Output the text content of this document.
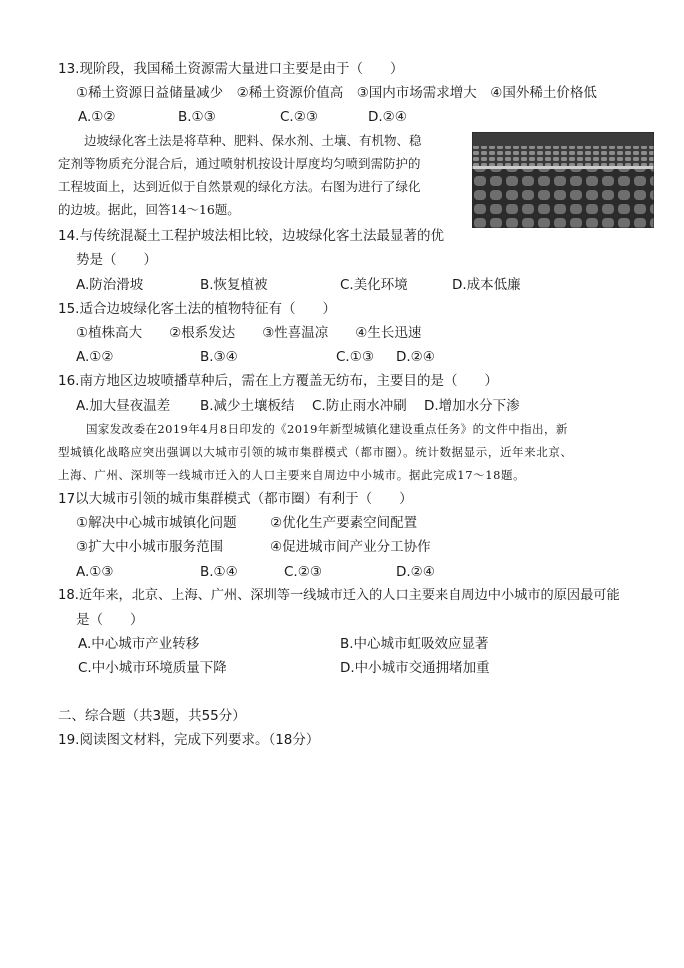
13.现阶段，我国稀土资源需大量进口主要是由于（　　）
①稀土资源日益储量减少　②稀土资源价值高　③国内市场需求增大　④国外稀土价格低
A.①②	B.①③	C.②③	D.②④
边坡绿化客土法是将草种、肥料、保水剂、土壤、有机物、稳
定剂等物质充分混合后，通过喷射机按设计厚度均匀喷到需防护的
工程坡面上，达到近似于自然景观的绿化方法。右图为进行了绿化
的边坡。据此，回答14～16题。
14.与传统混凝土工程护坡法相比较，边坡绿化客土法最显著的优
势是（　　）
A.防治滑坡	B.恢复植被	C.美化环境	D.成本低廉
15.适合边坡绿化客土法的植物特征有（　　）
①植株高大　　②根系发达　　③性喜温凉　　④生长迅速
A.①②	B.③④	C.①③ D.②④
16.南方地区边坡喷播草种后，需在上方覆盖无纺布，主要目的是（　　）
A.加大昼夜温差 B.减少土壤板结 C.防止雨水冲刷 D.增加水分下渗
国家发改委在2019年4月8日印发的《2019年新型城镇化建设重点任务》的文件中指出，新
型城镇化战略应突出强调以大城市引领的城市集群模式（都市圈）。统计数据显示，近年来北京、
上海、广州、深圳等一线城市迁入的人口主要来自周边中小城市。据此完成17～18题。
17以大城市引领的城市集群模式（都市圈）有利于（　　）
①解决中心城市城镇化问题 ②优化生产要素空间配置
③扩大中小城市服务范围	④促进城市间产业分工协作
A.①③	B.①④	C.②③	D.②④
18.近年来，北京、上海、广州、深圳等一线城市迁入的人口主要来自周边中小城市的原因最可能
是（　　）
A.中心城市产业转移	B.中心城市虹吸效应显著
C.中小城市环境质量下降	D.中小城市交通拥堵加重
二、综合题（共3题，共55分）
19.阅读图文材料，完成下列要求。（18分）
